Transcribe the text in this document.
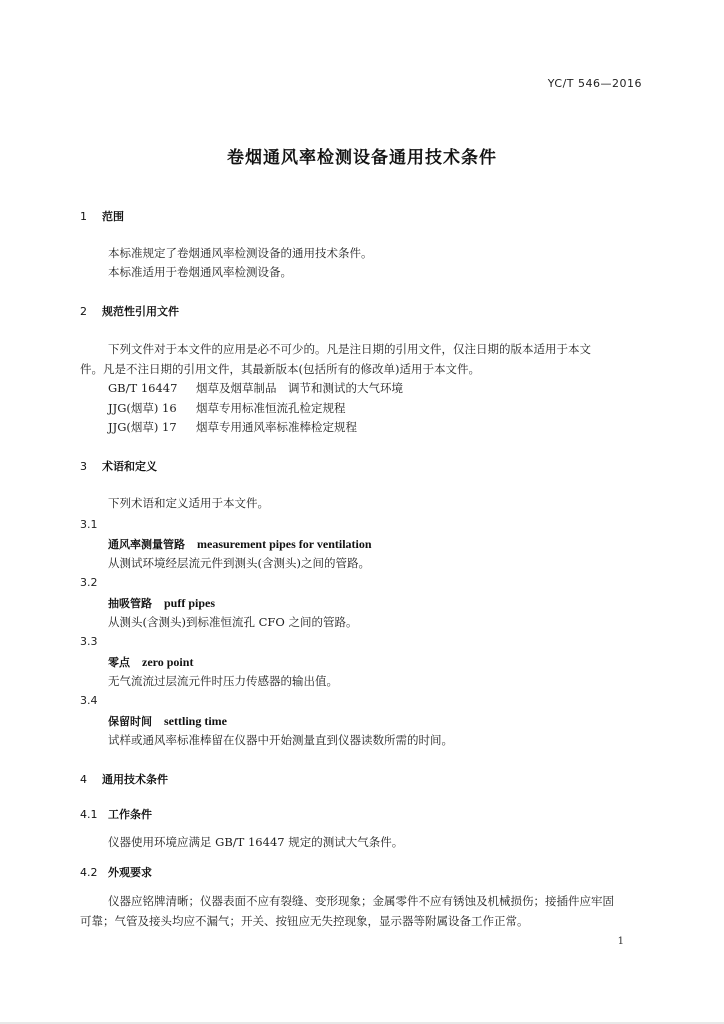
YC/T 546—2016
卷烟通风率检测设备通用技术条件
1 范围
本标准规定了卷烟通风率检测设备的通用技术条件。
本标准适用于卷烟通风率检测设备。
2 规范性引用文件
下列文件对于本文件的应用是必不可少的。凡是注日期的引用文件，仅注日期的版本适用于本文
件。凡是不注日期的引用文件，其最新版本(包括所有的修改单)适用于本文件。
GB/T 16447 烟草及烟草制品　调节和测试的大气环境
JJG(烟草) 16 烟草专用标准恒流孔检定规程
JJG(烟草) 17 烟草专用通风率标准棒检定规程
3 术语和定义
下列术语和定义适用于本文件。
3.1
通风率测量管路 measurement pipes for ventilation
从测试环境经层流元件到测头(含测头)之间的管路。
3.2
抽吸管路 puff pipes
从测头(含测头)到标准恒流孔 CFO 之间的管路。
3.3
零点 zero point
无气流流过层流元件时压力传感器的输出值。
3.4
保留时间 settling time
试样或通风率标准棒留在仪器中开始测量直到仪器读数所需的时间。
4 通用技术条件
4.1 工作条件
仪器使用环境应满足 GB/T 16447 规定的测试大气条件。
4.2 外观要求
仪器应铭牌清晰；仪器表面不应有裂缝、变形现象；金属零件不应有锈蚀及机械损伤；接插件应牢固
可靠；气管及接头均应不漏气；开关、按钮应无失控现象，显示器等附属设备工作正常。
1
